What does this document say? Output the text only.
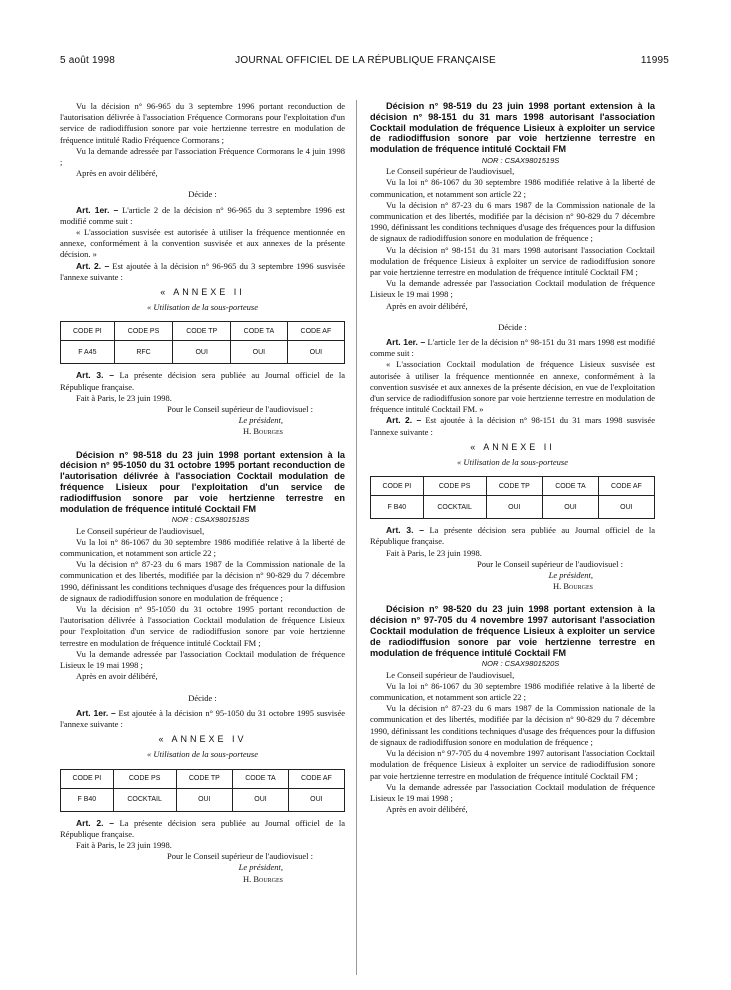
5 août 1998	JOURNAL OFFICIEL DE LA RÉPUBLIQUE FRANÇAISE	11995

Vu la décision n° 96-965 du 3 septembre 1996 portant reconduction de l'autorisation délivrée à l'association Fréquence Cormorans pour l'exploitation d'un service de radiodiffusion sonore par voie hertzienne terrestre en modulation de fréquence intitulé Radio Fréquence Cormorans ;

Vu la demande adressée par l'association Fréquence Cormorans le 4 juin 1998 ;

Après en avoir délibéré,

Décide :

Art. 1er. – L'article 2 de la décision n° 96-965 du 3 septembre 1996 est modifié comme suit :

« L'association susvisée est autorisée à utiliser la fréquence mentionnée en annexe, conformément à la convention susvisée et aux annexes de la présente décision. »

Art. 2. – Est ajoutée à la décision n° 96-965 du 3 septembre 1996 susvisée l'annexe suivante :

« ANNEXE II

« Utilisation de la sous-porteuse

CODE PI	CODE PS	CODE TP	CODE TA	CODE AF
F A45	RFC	OUI	OUI	OUI

Art. 3. – La présente décision sera publiée au Journal officiel de la République française.

Fait à Paris, le 23 juin 1998.

Pour le Conseil supérieur de l'audiovisuel :

Le président,

H. Bourges

Décision n° 98-518 du 23 juin 1998 portant extension à la décision n° 95-1050 du 31 octobre 1995 portant reconduction de l'autorisation délivrée à l'association Cocktail modulation de fréquence Lisieux pour l'exploitation d'un service de radiodiffusion sonore par voie hertzienne terrestre en modulation de fréquence intitulé Cocktail FM

NOR : CSAX9801518S

Le Conseil supérieur de l'audiovisuel,

Vu la loi n° 86-1067 du 30 septembre 1986 modifiée relative à la liberté de communication, et notamment son article 22 ;

Vu la décision n° 87-23 du 6 mars 1987 de la Commission nationale de la communication et des libertés, modifiée par la décision n° 90-829 du 7 décembre 1990, définissant les conditions techniques d'usage des fréquences pour la diffusion de signaux de radiodiffusion sonore en modulation de fréquence ;

Vu la décision n° 95-1050 du 31 octobre 1995 portant reconduction de l'autorisation délivrée à l'association Cocktail modulation de fréquence Lisieux pour l'exploitation d'un service de radiodiffusion sonore par voie hertzienne terrestre en modulation de fréquence intitulé Cocktail FM ;

Vu la demande adressée par l'association Cocktail modulation de fréquence Lisieux le 19 mai 1998 ;

Après en avoir délibéré,

Décide :

Art. 1er. – Est ajoutée à la décision n° 95-1050 du 31 octobre 1995 susvisée l'annexe suivante :

« ANNEXE IV

« Utilisation de la sous-porteuse

CODE PI	CODE PS	CODE TP	CODE TA	CODE AF
F B40	COCKTAIL	OUI	OUI	OUI

Art. 2. – La présente décision sera publiée au Journal officiel de la République française.

Fait à Paris, le 23 juin 1998.

Pour le Conseil supérieur de l'audiovisuel :

Le président,

H. Bourges

Décision n° 98-519 du 23 juin 1998 portant extension à la décision n° 98-151 du 31 mars 1998 autorisant l'association Cocktail modulation de fréquence Lisieux à exploiter un service de radiodiffusion sonore par voie hertzienne terrestre en modulation de fréquence intitulé Cocktail FM

NOR : CSAX9801519S

Le Conseil supérieur de l'audiovisuel,

Vu la loi n° 86-1067 du 30 septembre 1986 modifiée relative à la liberté de communication, et notamment son article 22 ;

Vu la décision n° 87-23 du 6 mars 1987 de la Commission nationale de la communication et des libertés, modifiée par la décision n° 90-829 du 7 décembre 1990, définissant les conditions techniques d'usage des fréquences pour la diffusion de signaux de radiodiffusion sonore en modulation de fréquence ;

Vu la décision n° 98-151 du 31 mars 1998 autorisant l'association Cocktail modulation de fréquence Lisieux à exploiter un service de radiodiffusion sonore par voie hertzienne terrestre en modulation de fréquence intitulé Cocktail FM ;

Vu la demande adressée par l'association Cocktail modulation de fréquence Lisieux le 19 mai 1998 ;

Après en avoir délibéré,

Décide :

Art. 1er. – L'article 1er de la décision n° 98-151 du 31 mars 1998 est modifié comme suit :

« L'association Cocktail modulation de fréquence Lisieux susvisée est autorisée à utiliser la fréquence mentionnée en annexe, conformément à la convention susvisée et aux annexes de la présente décision, en vue de l'exploitation d'un service de radiodiffusion sonore par voie hertzienne terrestre en modulation de fréquence intitulé Cocktail FM. »

Art. 2. – Est ajoutée à la décision n° 98-151 du 31 mars 1998 susvisée l'annexe suivante :

« ANNEXE II

« Utilisation de la sous-porteuse

CODE PI	CODE PS	CODE TP	CODE TA	CODE AF
F B40	COCKTAIL	OUI	OUI	OUI

Art. 3. – La présente décision sera publiée au Journal officiel de la République française.

Fait à Paris, le 23 juin 1998.

Pour le Conseil supérieur de l'audiovisuel :

Le président,

H. Bourges

Décision n° 98-520 du 23 juin 1998 portant extension à la décision n° 97-705 du 4 novembre 1997 autorisant l'association Cocktail modulation de fréquence Lisieux à exploiter un service de radiodiffusion sonore par voie hertzienne terrestre en modulation de fréquence intitulé Cocktail FM

NOR : CSAX9801520S

Le Conseil supérieur de l'audiovisuel,

Vu la loi n° 86-1067 du 30 septembre 1986 modifiée relative à la liberté de communication, et notamment son article 22 ;

Vu la décision n° 87-23 du 6 mars 1987 de la Commission nationale de la communication et des libertés, modifiée par la décision n° 90-829 du 7 décembre 1990, définissant les conditions techniques d'usage des fréquences pour la diffusion de signaux de radiodiffusion sonore en modulation de fréquence ;

Vu la décision n° 97-705 du 4 novembre 1997 autorisant l'association Cocktail modulation de fréquence Lisieux à exploiter un service de radiodiffusion sonore par voie hertzienne terrestre en modulation de fréquence intitulé Cocktail FM ;

Vu la demande adressée par l'association Cocktail modulation de fréquence Lisieux le 19 mai 1998 ;

Après en avoir délibéré,
